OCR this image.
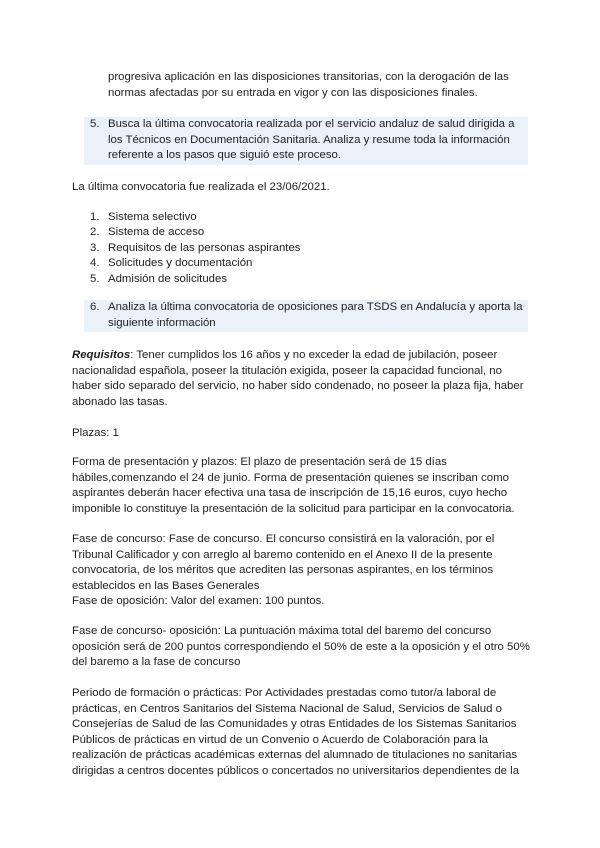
progresiva aplicación en las disposiciones transitorias, con la derogación de las normas afectadas por su entrada en vigor y con las disposiciones finales.

5. Busca la última convocatoria realizada por el servicio andaluz de salud dirigida a los Técnicos en Documentación Sanitaria. Analiza y resume toda la información referente a los pasos que siguió este proceso.

La última convocatoria fue realizada el 23/06/2021.

1. Sistema selectivo
2. Sistema de acceso
3. Requisitos de las personas aspirantes
4. Solicitudes y documentación
5. Admisión de solicitudes
6. Analiza la última convocatoria de oposiciones para TSDS en Andalucía y aporta la siguiente información

Requisitos: Tener cumplidos los 16 años y no exceder la edad de jubilación, poseer nacionalidad española, poseer la titulación exigida, poseer la capacidad funcional, no haber sido separado del servicio, no haber sido condenado, no poseer la plaza fija, haber abonado las tasas.

Plazas: 1

Forma de presentación y plazos: El plazo de presentación será de 15 días hábiles,comenzando el 24 de junio. Forma de presentación quienes se inscriban como aspirantes deberán hacer efectiva una tasa de inscripción de 15,16 euros, cuyo hecho imponible lo constituye la presentación de la solicitud para participar en la convocatoria.

Fase de concurso: Fase de concurso. El concurso consistirá en la valoración, por el Tribunal Calificador y con arreglo al baremo contenido en el Anexo II de la presente convocatoria, de los méritos que acrediten las personas aspirantes, en los términos establecidos en las Bases Generales

Fase de oposición: Valor del examen: 100 puntos.

Fase de concurso- oposición: La puntuación máxima total del baremo del concurso oposición será de 200 puntos correspondiendo el 50% de este a la oposición y el otro 50% del baremo a la fase de concurso

Periodo de formación o prácticas: Por Actividades prestadas como tutor/a laboral de prácticas, en Centros Sanitarios del Sistema Nacional de Salud, Servicios de Salud o Consejerías de Salud de las Comunidades y otras Entidades de los Sistemas Sanitarios Públicos de prácticas en virtud de un Convenio o Acuerdo de Colaboración para la realización de prácticas académicas externas del alumnado de titulaciones no sanitarias dirigidas a centros docentes públicos o concertados no universitarios dependientes de la
